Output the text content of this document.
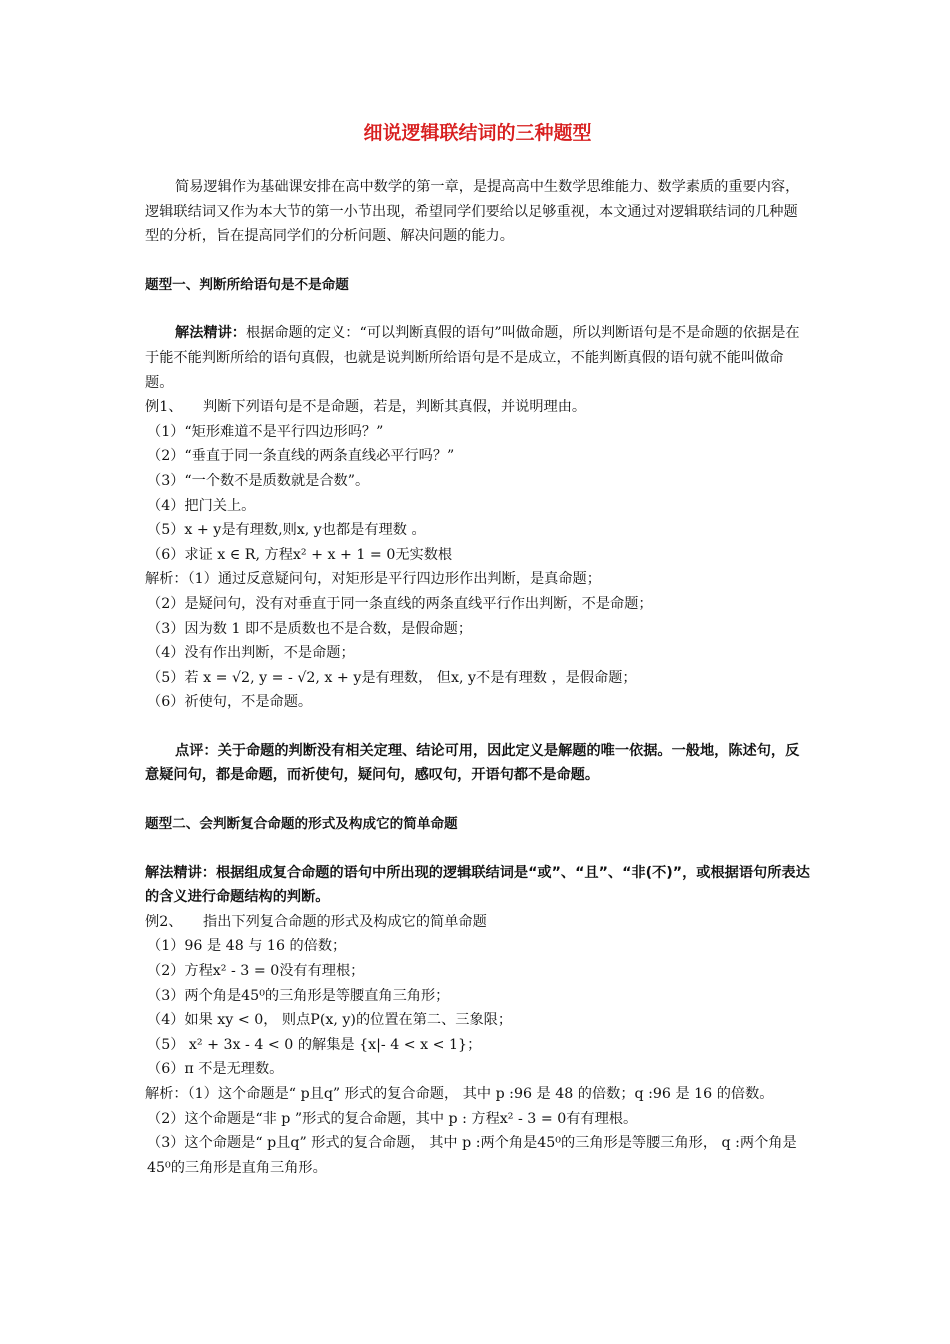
细说逻辑联结词的三种题型

简易逻辑作为基础课安排在高中数学的第一章，是提高高中生数学思维能力、数学素质的重要内容，逻辑联结词又作为本大节的第一小节出现，希望同学们要给以足够重视，本文通过对逻辑联结词的几种题型的分析，旨在提高同学们的分析问题、解决问题的能力。

题型一、判断所给语句是不是命题

解法精讲：根据命题的定义：“可以判断真假的语句”叫做命题，所以判断语句是不是命题的依据是在于能不能判断所给的语句真假，也就是说判断所给语句是不是成立，不能判断真假的语句就不能叫做命题。

例1、 判断下列语句是不是命题，若是，判断其真假，并说明理由。

（1）“矩形难道不是平行四边形吗？”

（2）“垂直于同一条直线的两条直线必平行吗？”

（3）“一个数不是质数就是合数”。

（4）把门关上。

（5）x + y是有理数,则x, y也都是有理数 。

（6）求证 x ∈ R, 方程x² + x + 1 = 0无实数根

解析：（1）通过反意疑问句，对矩形是平行四边形作出判断，是真命题；

（2）是疑问句，没有对垂直于同一条直线的两条直线平行作出判断，不是命题；

（3）因为数 1 即不是质数也不是合数，是假命题；

（4）没有作出判断，不是命题；

（5）若 x = √2, y = - √2, x + y是有理数， 但x, y不是有理数 ，是假命题；

（6）祈使句，不是命题。

点评：关于命题的判断没有相关定理、结论可用，因此定义是解题的唯一依据。一般地，陈述句，反意疑问句，都是命题，而祈使句，疑问句，感叹句，开语句都不是命题。

题型二、会判断复合命题的形式及构成它的简单命题

解法精讲：根据组成复合命题的语句中所出现的逻辑联结词是“或”、“且”、“非(不)”，或根据语句所表达的含义进行命题结构的判断。

例2、 指出下列复合命题的形式及构成它的简单命题

（1）96 是 48 与 16 的倍数；

（2）方程x² - 3 = 0没有有理根；

（3）两个角是45⁰的三角形是等腰直角三角形；

（4）如果 xy < 0， 则点P(x, y)的位置在第二、三象限；

（5） x² + 3x - 4 < 0 的解集是 {x|- 4 < x < 1}；

（6）π 不是无理数。

解析：（1）这个命题是“ p且q” 形式的复合命题， 其中 p :96 是 48 的倍数；q :96 是 16 的倍数。

（2）这个命题是“非 p ”形式的复合命题，其中 p : 方程x² - 3 = 0有有理根。

（3）这个命题是“ p且q” 形式的复合命题， 其中 p :两个角是45⁰的三角形是等腰三角形， q :两个角是45⁰的三角形是直角三角形。
